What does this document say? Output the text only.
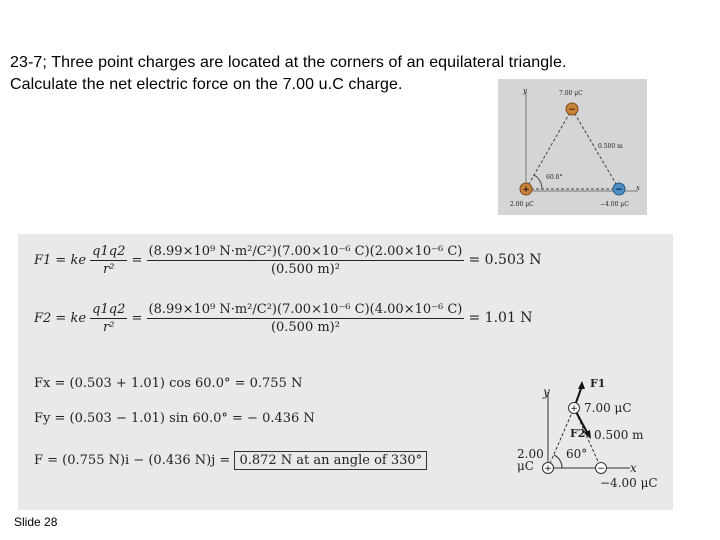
23-7; Three point charges are located at the corners of an equilateral triangle.
Calculate the net electric force on the 7.00 u.C charge.
−
+	−
7.00 μC
0.500 m
60.0°
2.00 μC	−4.00 μC
y
x
F1 = ke $\frac{q1q2}{\text{r²}} = \frac{\text{(8.99×10⁹ N·m²/C²)(7.00×10⁻⁶ C)(2.00×10⁻⁶ C)}}{\text{(0.500 m)²}} = 0.503$ N
F2 = ke $\frac{q1q2}{\text{r²}} = \frac{\text{(8.99×10⁹ N·m²/C²)(7.00×10⁻⁶ C)(4.00×10⁻⁶ C)}}{\text{(0.500 m)²}} = 1.01$ N
Fx = (0.503 + 1.01) cos 60.0° = 0.755 N
Fy = (0.503 − 1.01) sin 60.0° = − 0.436 N
F = (0.755 N)i − (0.436 N)j = 0.872 N at an angle of 330°
+
+	−
F1
F2
7.00 μC
0.500 m
2.00
μC
60°
−4.00 μC
y
x
Slide 28
